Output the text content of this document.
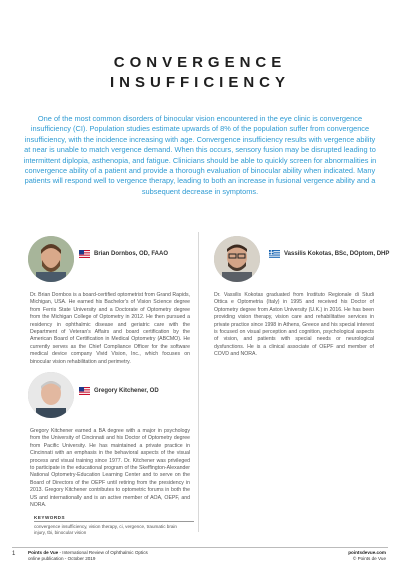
CONVERGENCE
INSUFFICIENCY
One of the most common disorders of binocular vision encountered in the eye clinic is convergence insufficiency (CI). Population studies estimate upwards of 8% of the population suffer from convergence insufficiency, with the incidence increasing with age. Convergence insufficiency results with vergence ability at near is unable to match vergence demand. When this occurs, sensory fusion may be disrupted leading to intermittent diplopia, asthenopia, and fatigue. Clinicians should be able to quickly screen for abnormalities in convergence ability of a patient and provide a thorough evaluation of binocular ability when indicated. Many patients will respond well to vergence therapy, leading to both an increase in fusional vergence ability and a subsequent decrease in symptoms.
Brian Dornbos, OD, FAAO
Dr. Brian Dornbos is a board-certified optometrist from Grand Rapids, Michigan, USA. He earned his Bachelor's of Vision Science degree from Ferris State University and a Doctorate of Optometry degree from the Michigan College of Optometry in 2012. He then pursued a residency in ophthalmic disease and geriatric care with the Department of Veteran's Affairs and board certification by the American Board of Certification in Medical Optometry (ABCMO). He currently serves as the Chief Compliance Officer for the software medical device company Vivid Vision, Inc., which focuses on binocular vision rehabilitation and perimetry.
Vassilis Kokotas, BSc, DOptom, DHP
Dr. Vassilis Kokotas graduated from Instituto Regionale di Studi Ottica e Optometria (Italy) in 1995 and received his Doctor of Optometry degree from Aston University (U.K.) in 2016. He has been providing vision therapy, vision care and rehabilitative services in private practice since 1998 in Athens, Greece and his special interest is focused on visual perception and cognition, psychological aspects of vision, and patients with special needs or neurological dysfunctions. He is a clinical associate of OEPF and member of COVD and NORA.
Gregory Kitchener, OD
Gregory Kitchener earned a BA degree with a major in psychology from the University of Cincinnati and his Doctor of Optometry degree from Pacific University. He has maintained a private practice in Cincinnati with an emphasis in the behavioral aspects of the visual process and visual training since 1977. Dr. Kitchener was privileged to participate in the educational program of the Skeffington-Alexander National Optometry-Education Learning Center and to serve on the Board of Directors of the OEPF until retiring from the presidency in 2013. Gregory Kitchener contributes to optometric forums in both the US and internationally and is an active member of AOA, OEPF, and NORA.
KEYWORDS
convergence insufficiency, vision therapy, ci, vergence, traumatic brain injury, tbi, binocular vision
1	Points de Vue - International Review of Ophthalmic Optics
online publication - October 2019
pointsdevue.com
© Points de Vue
